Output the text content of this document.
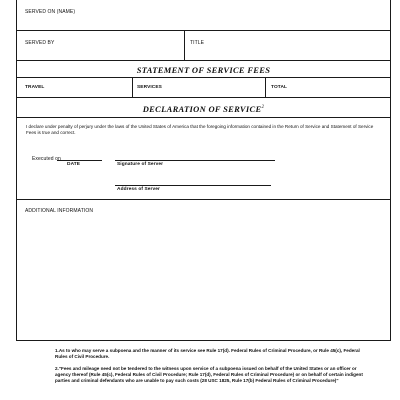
SERVED ON (NAME)
SERVED BY	TITLE
STATEMENT OF SERVICE FEES
TRAVEL	SERVICES	TOTAL
DECLARATION OF SERVICE$^2$
I declare under penalty of perjury under the laws of the United States of America that the foregoing information contained in the Return of Service and Statement of Service Fees is true and correct.
Executed on
DATE	Signature of Server
Address of Server
ADDITIONAL INFORMATION
1.As to who may serve a subpoena and the manner of its service see Rule 17(d). Federal Rules of Criminal Procedure, or Rule 45(c), Federal Rules of Civil Procedure.
2."Fees and mileage need not be tendered to the witness upon service of a subpoena issued on behalf of the United States or an officer or agency thereof (Rule 45(c), Federal Rules of Civil Procedure; Rule 17(d), Federal Rules of Criminal Procedure) or on behalf of certain indigent parties and criminal defendants who are unable to pay such costs (28 USC 1825, Rule 17(b) Federal Rules of Criminal Procedure)"
